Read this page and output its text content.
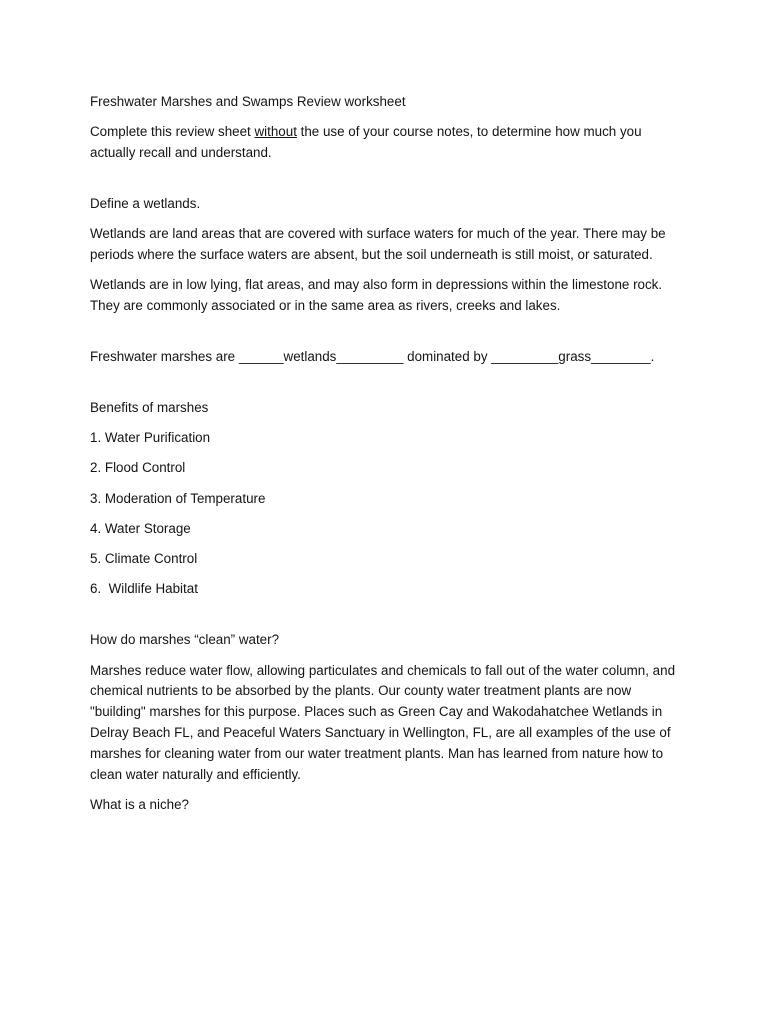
Freshwater Marshes and Swamps Review worksheet

Complete this review sheet without the use of your course notes, to determine how much you actually recall and understand.

Define a wetlands.

Wetlands are land areas that are covered with surface waters for much of the year. There may be periods where the surface waters are absent, but the soil underneath is still moist, or saturated.

Wetlands are in low lying, flat areas, and may also form in depressions within the limestone rock. They are commonly associated or in the same area as rivers, creeks and lakes.

Freshwater marshes are ______wetlands_________ dominated by _________grass________.

Benefits of marshes

1. Water Purification

2. Flood Control

3. Moderation of Temperature

4. Water Storage

5. Climate Control

6.  Wildlife Habitat

How do marshes “clean” water?

Marshes reduce water flow, allowing particulates and chemicals to fall out of the water column, and chemical nutrients to be absorbed by the plants. Our county water treatment plants are now "building" marshes for this purpose. Places such as Green Cay and Wakodahatchee Wetlands in Delray Beach FL, and Peaceful Waters Sanctuary in Wellington, FL, are all examples of the use of marshes for cleaning water from our water treatment plants. Man has learned from nature how to clean water naturally and efficiently.

What is a niche?
